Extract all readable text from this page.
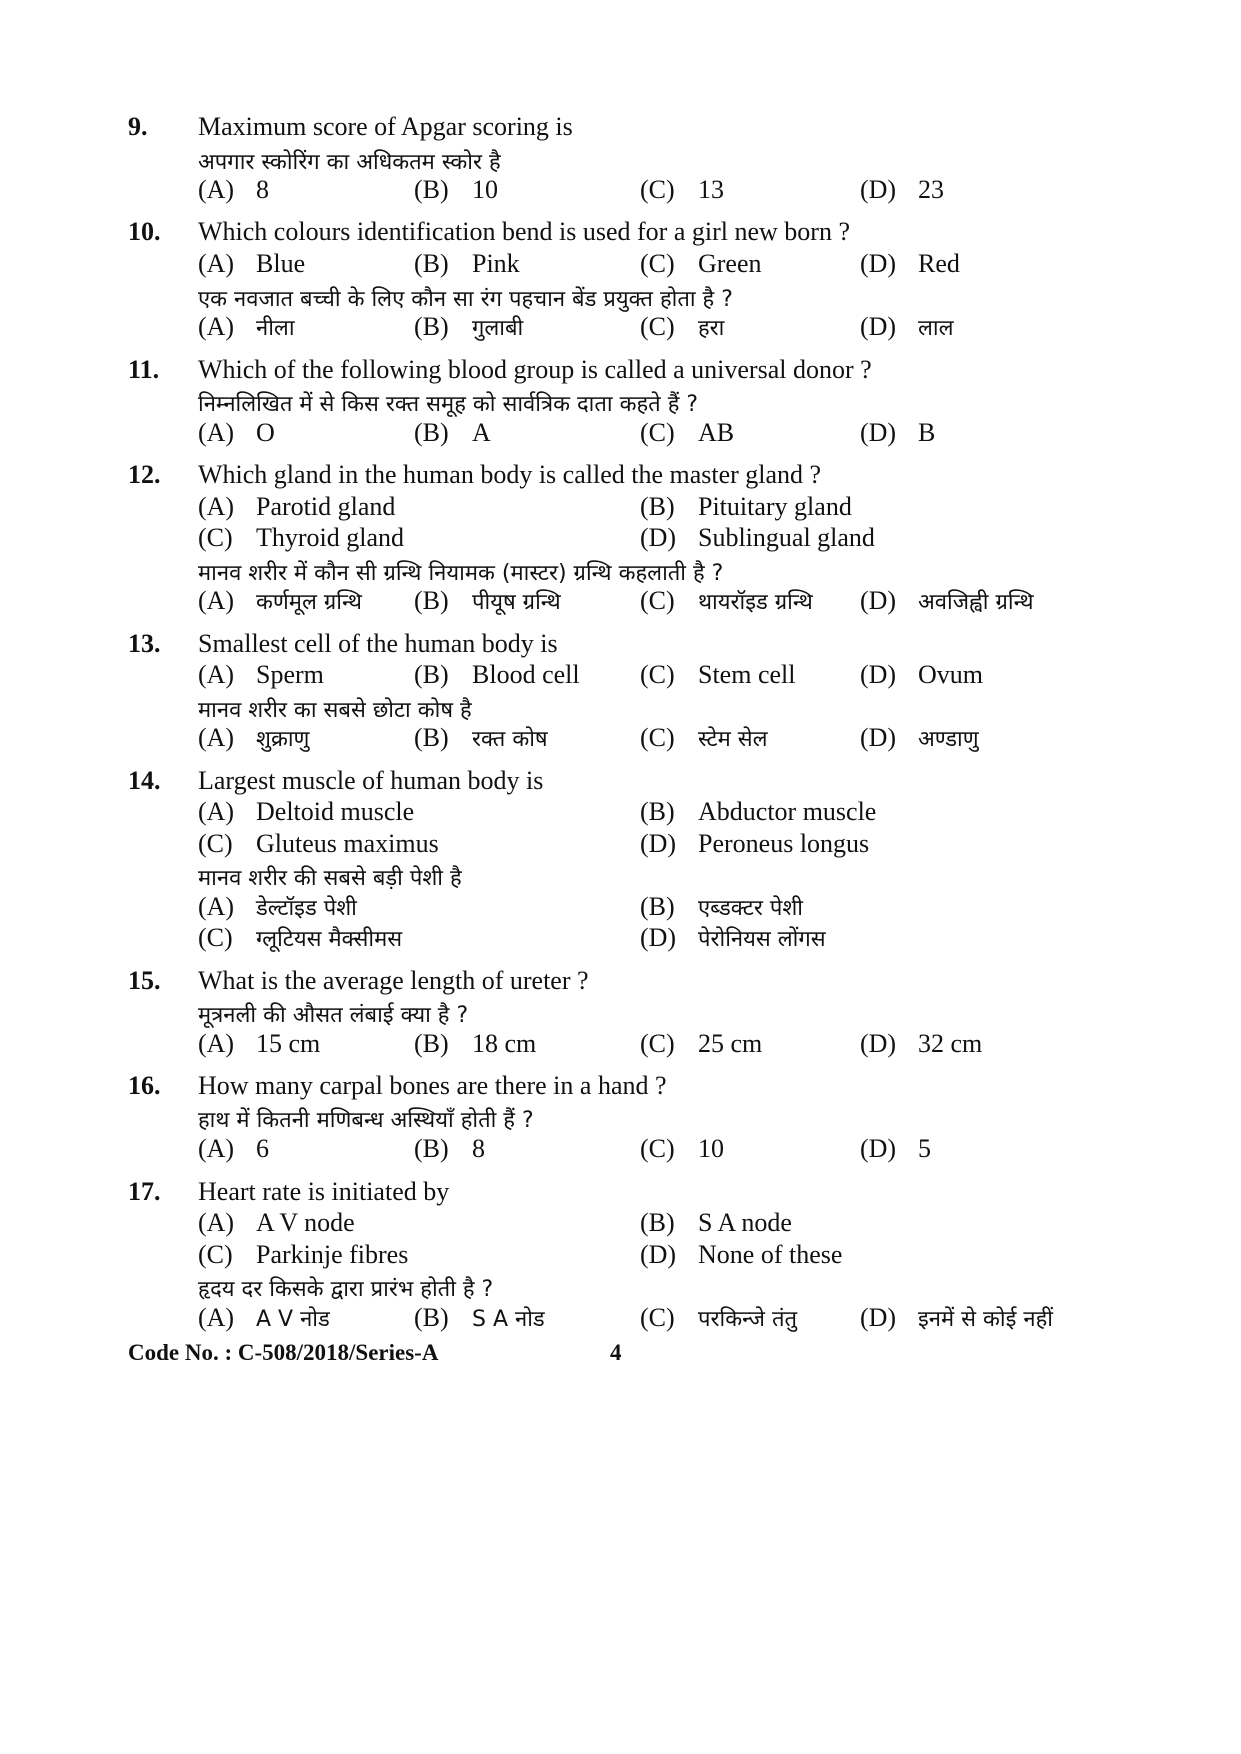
9. Maximum score of Apgar scoring is
अपगार स्कोरिंग का अधिकतम स्कोर है
(A) 8	(B) 10	(C) 13	(D) 23
10. Which colours identification bend is used for a girl new born ?
(A) Blue	(B) Pink	(C) Green	(D) Red
एक नवजात बच्ची के लिए कौन सा रंग पहचान बेंड प्रयुक्त होता है ?
(A) नीला	(B) गुलाबी	(C) हरा	(D) लाल
11. Which of the following blood group is called a universal donor ?
निम्नलिखित में से किस रक्त समूह को सार्वत्रिक दाता कहते हैं ?
(A) O	(B) A	(C) AB	(D) B
12. Which gland in the human body is called the master gland ?
(A) Parotid gland	(B) Pituitary gland
(C) Thyroid gland	(D) Sublingual gland
मानव शरीर में कौन सी ग्रन्थि नियामक (मास्टर) ग्रन्थि कहलाती है ?
(A) कर्णमूल ग्रन्थि (B) पीयूष ग्रन्थि	(C) थायरॉइड ग्रन्थि (D) अवजिह्वी ग्रन्थि
13. Smallest cell of the human body is
(A) Sperm	(B) Blood cell (C) Stem cell (D) Ovum
मानव शरीर का सबसे छोटा कोष है
(A) शुक्राणु	(B) रक्त कोष	(C) स्टेम सेल	(D) अण्डाणु
14. Largest muscle of human body is
(A) Deltoid muscle	(B) Abductor muscle
(C) Gluteus maximus	(D) Peroneus longus
मानव शरीर की सबसे बड़ी पेशी है
(A) डेल्टॉइड पेशी	(B) एब्डक्टर पेशी
(C) ग्लूटियस मैक्सीमस	(D) पेरोनियस लोंगस
15. What is the average length of ureter ?
मूत्रनली की औसत लंबाई क्या है ?
(A) 15 cm	(B) 18 cm	(C) 25 cm	(D) 32 cm
16. How many carpal bones are there in a hand ?
हाथ में कितनी मणिबन्ध अस्थियाँ होती हैं ?
(A) 6	(B) 8	(C) 10	(D) 5
17. Heart rate is initiated by
(A) A V node	(B) S A node
(C) Parkinje fibres	(D) None of these
हृदय दर किसके द्वारा प्रारंभ होती है ?
(A) A V नोड	(B) S A नोड	(C) परकिन्जे तंतु (D) इनमें से कोई नहीं
Code No. : C-508/2018/Series-A	4
